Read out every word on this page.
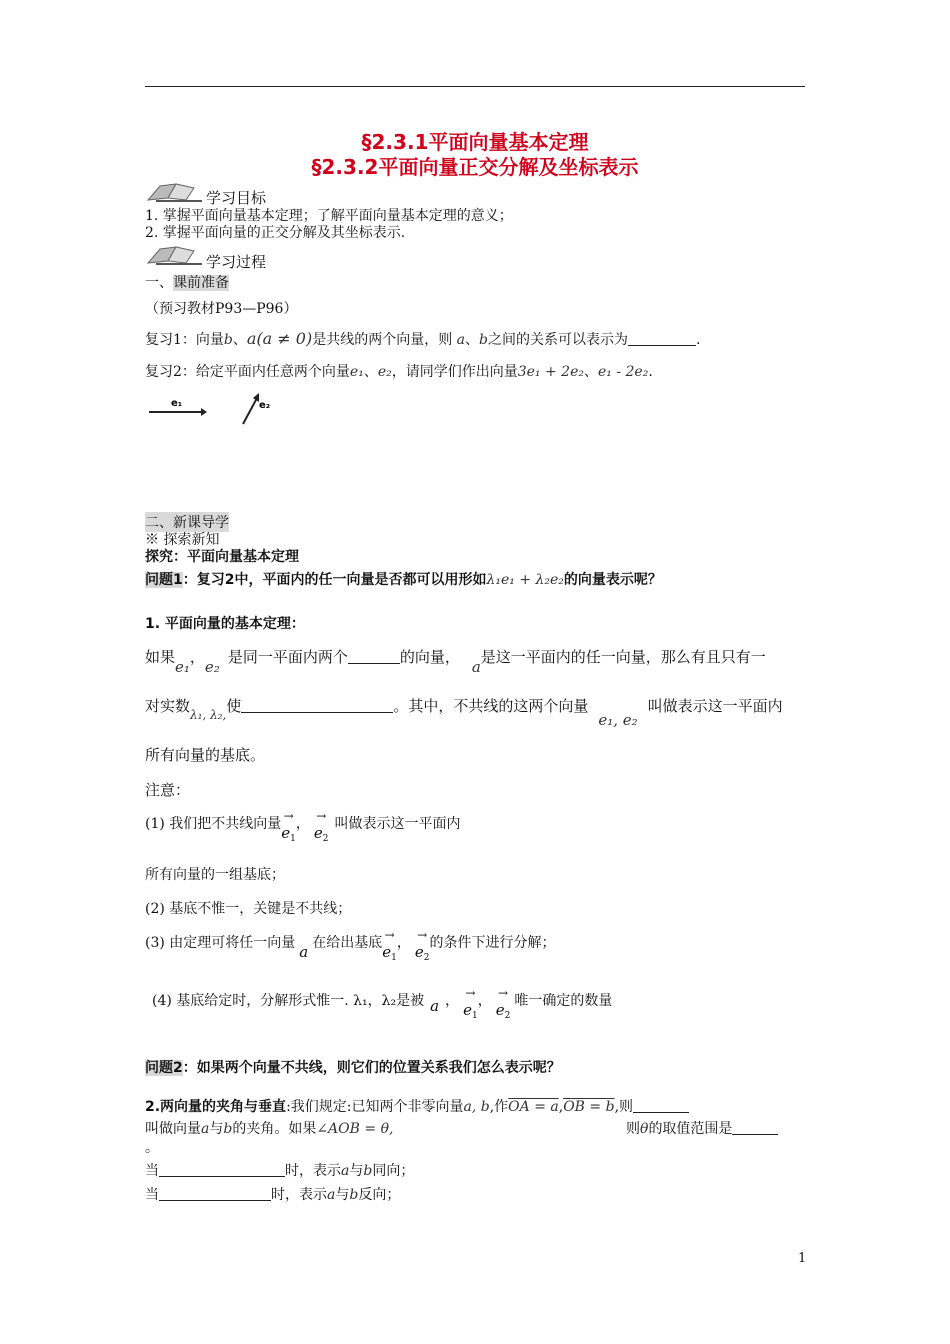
§2.3.1平面向量基本定理
§2.3.2平面向量正交分解及坐标表示
学习目标
1. 掌握平面向量基本定理；了解平面向量基本定理的意义；
2. 掌握平面向量的正交分解及其坐标表示.
学习过程
一、课前准备
（预习教材P93—P96）
复习1：向量b、a(a ≠ 0)是共线的两个向量，则 a、b之间的关系可以表示为	.
复习2：给定平面内任意两个向量e₁、e₂，请同学们作出向量3e₁ + 2e₂、e₁ - 2e₂.
e₁	e₂
二、新课导学
※ 探索新知
探究：平面向量基本定理
问题1：复习2中，平面内的任一向量是否都可以用形如λ₁e₁ + λ₂e₂的向量表示呢？
1. 平面向量的基本定理：
如果e₁，e₂是同一平面内两个	的向量，a是这一平面内的任一向量，那么有且只有一
对实数$_{\lambda_1, \lambda_2,}$使	。其中，不共线的这两个向量e₁, e₂叫做表示这一平面内
所有向量的基底。
注意：
(1) 我们把不共线向量 →
$e_1$， →
$e_2$叫做表示这一平面内
所有向量的一组基底；
(2) 基底不惟一，关键是不共线；
(3) 由定理可将任一向量 a 在给出基底 →
$e_1$， →
$e_2$的条件下进行分解；
(4) 基底给定时，分解形式惟一. λ₁，λ₂是被 a ， →
$e_1$， →
$e_2$唯一确定的数量
问题2：如果两个向量不共线，则它们的位置关系我们怎么表示呢？
2.两向量的夹角与垂直:我们规定:已知两个非零向量a, b,作OA = a,OB = b,则
叫做向量a与b的夹角。如果∠AOB = θ,	则θ的取值范围是
。
当	时，表示a与b同向；
当	时，表示a与b反向；
1
